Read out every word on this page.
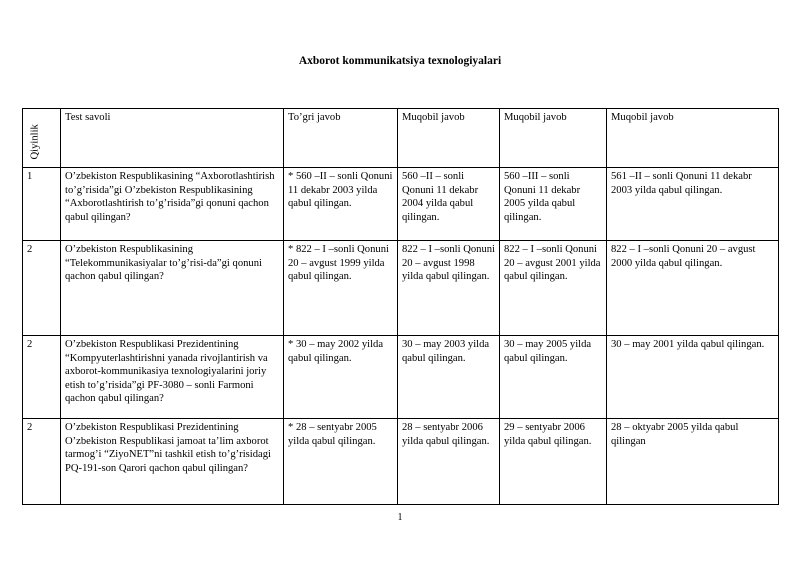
Axborot kommunikatsiya texnologiyalari
Qiyinlik	Test savoli	To’gri javob	Muqobil javob	Muqobil javob	Muqobil javob
1	O’zbekiston Respublikasining “Axborotlashtirish to’g’risida”gi O’zbekiston Respublikasining “Axborotlashtirish to’g’risida”gi qonuni qachon qabul qilingan?	* 560 –II – sonli Qonuni 11 dekabr 2003 yilda qabul qilingan.	560 –II – sonli Qonuni 11 dekabr 2004 yilda qabul qilingan.	560 –III – sonli Qonuni 11 dekabr 2005 yilda qabul qilingan.	561 –II – sonli Qonuni 11 dekabr 2003 yilda qabul qilingan.
2	O’zbekiston Respublikasining “Telekommunikasiyalar to’g’risi-da”gi qonuni qachon qabul qilingan?	* 822 – I –sonli Qonuni 20 – avgust 1999 yilda qabul qilingan.	822 – I –sonli Qonuni 20 – avgust 1998 yilda qabul qilingan.	822 – I –sonli Qonuni 20 – avgust 2001 yilda qabul qilingan.	822 – I –sonli Qonuni 20 – avgust 2000 yilda qabul qilingan.
2	O’zbekiston Respublikasi Prezidentining “Kompyuterlashtirishni yanada rivojlantirish va axborot-kommunikasiya texnologiyalarini joriy etish to’g’risida”gi PF-3080 – sonli Farmoni qachon qabul qilingan?	* 30 – may 2002 yilda qabul qilingan.	30 – may 2003 yilda qabul qilingan.	30 – may 2005 yilda qabul qilingan.	30 – may 2001 yilda qabul qilingan.
2	O’zbekiston Respublikasi Prezidentining O’zbekiston Respublikasi jamoat ta’lim axborot tarmog’i “ZiyoNET”ni tashkil etish to’g’risidagi PQ-191-son Qarori qachon qabul qilingan?	* 28 – sentyabr 2005 yilda qabul qilingan.	28 – sentyabr 2006 yilda qabul qilingan.	29 – sentyabr 2006 yilda qabul qilingan.	28 – oktyabr 2005 yilda qabul qilingan
1
